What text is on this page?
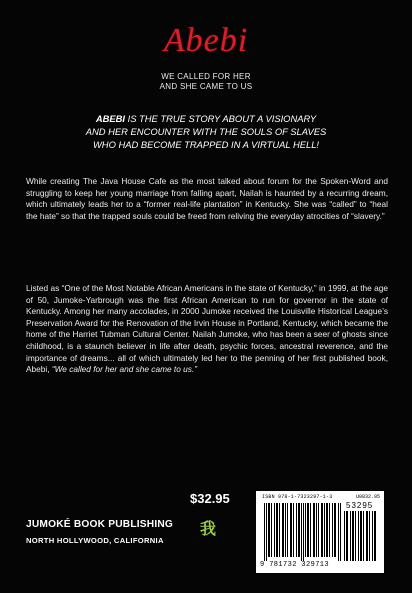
Abebi
WE CALLED FOR HER
AND SHE CAME TO US
ABEBI IS THE TRUE STORY ABOUT A VISIONARY
AND HER ENCOUNTER WITH THE SOULS OF SLAVES
WHO HAD BECOME TRAPPED IN A VIRTUAL HELL!
While creating The Java House Cafe as the most talked about forum for the Spoken-Word and struggling to keep her young marriage from falling apart, Nailah is haunted by a recurring dream, which ultimately leads her to a “former real-life plantation” in Kentucky. She was “called” to “heal the hate” so that the trapped souls could be freed from reliving the everyday atrocities of “slavery.”
Listed as “One of the Most Notable African Americans in the state of Kentucky,” in 1999, at the age of 50, Jumoke-Yarbrough was the first African American to run for governor in the state of Kentucky. Among her many accolades, in 2000 Jumoke received the Louisville Historical League’s Preservation Award for the Renovation of the Irvin House in Portland, Kentucky, which became the home of the Harriet Tubman Cultural Center. Nailah Jumoke, who has been a seer of ghosts since childhood, is a staunch believer in life after death, psychic forces, ancestral reverence, and the importance of dreams... all of which ultimately led her to the penning of her first published book, Abebi, “We called for her and she came to us.”
$32.95
JUMOKÉ BOOK PUBLISHING
NORTH HOLLYWOOD, CALIFORNIA
我
ISBN 978-1-7323297-1-3	U0832.95
53295
9 781732 329713
